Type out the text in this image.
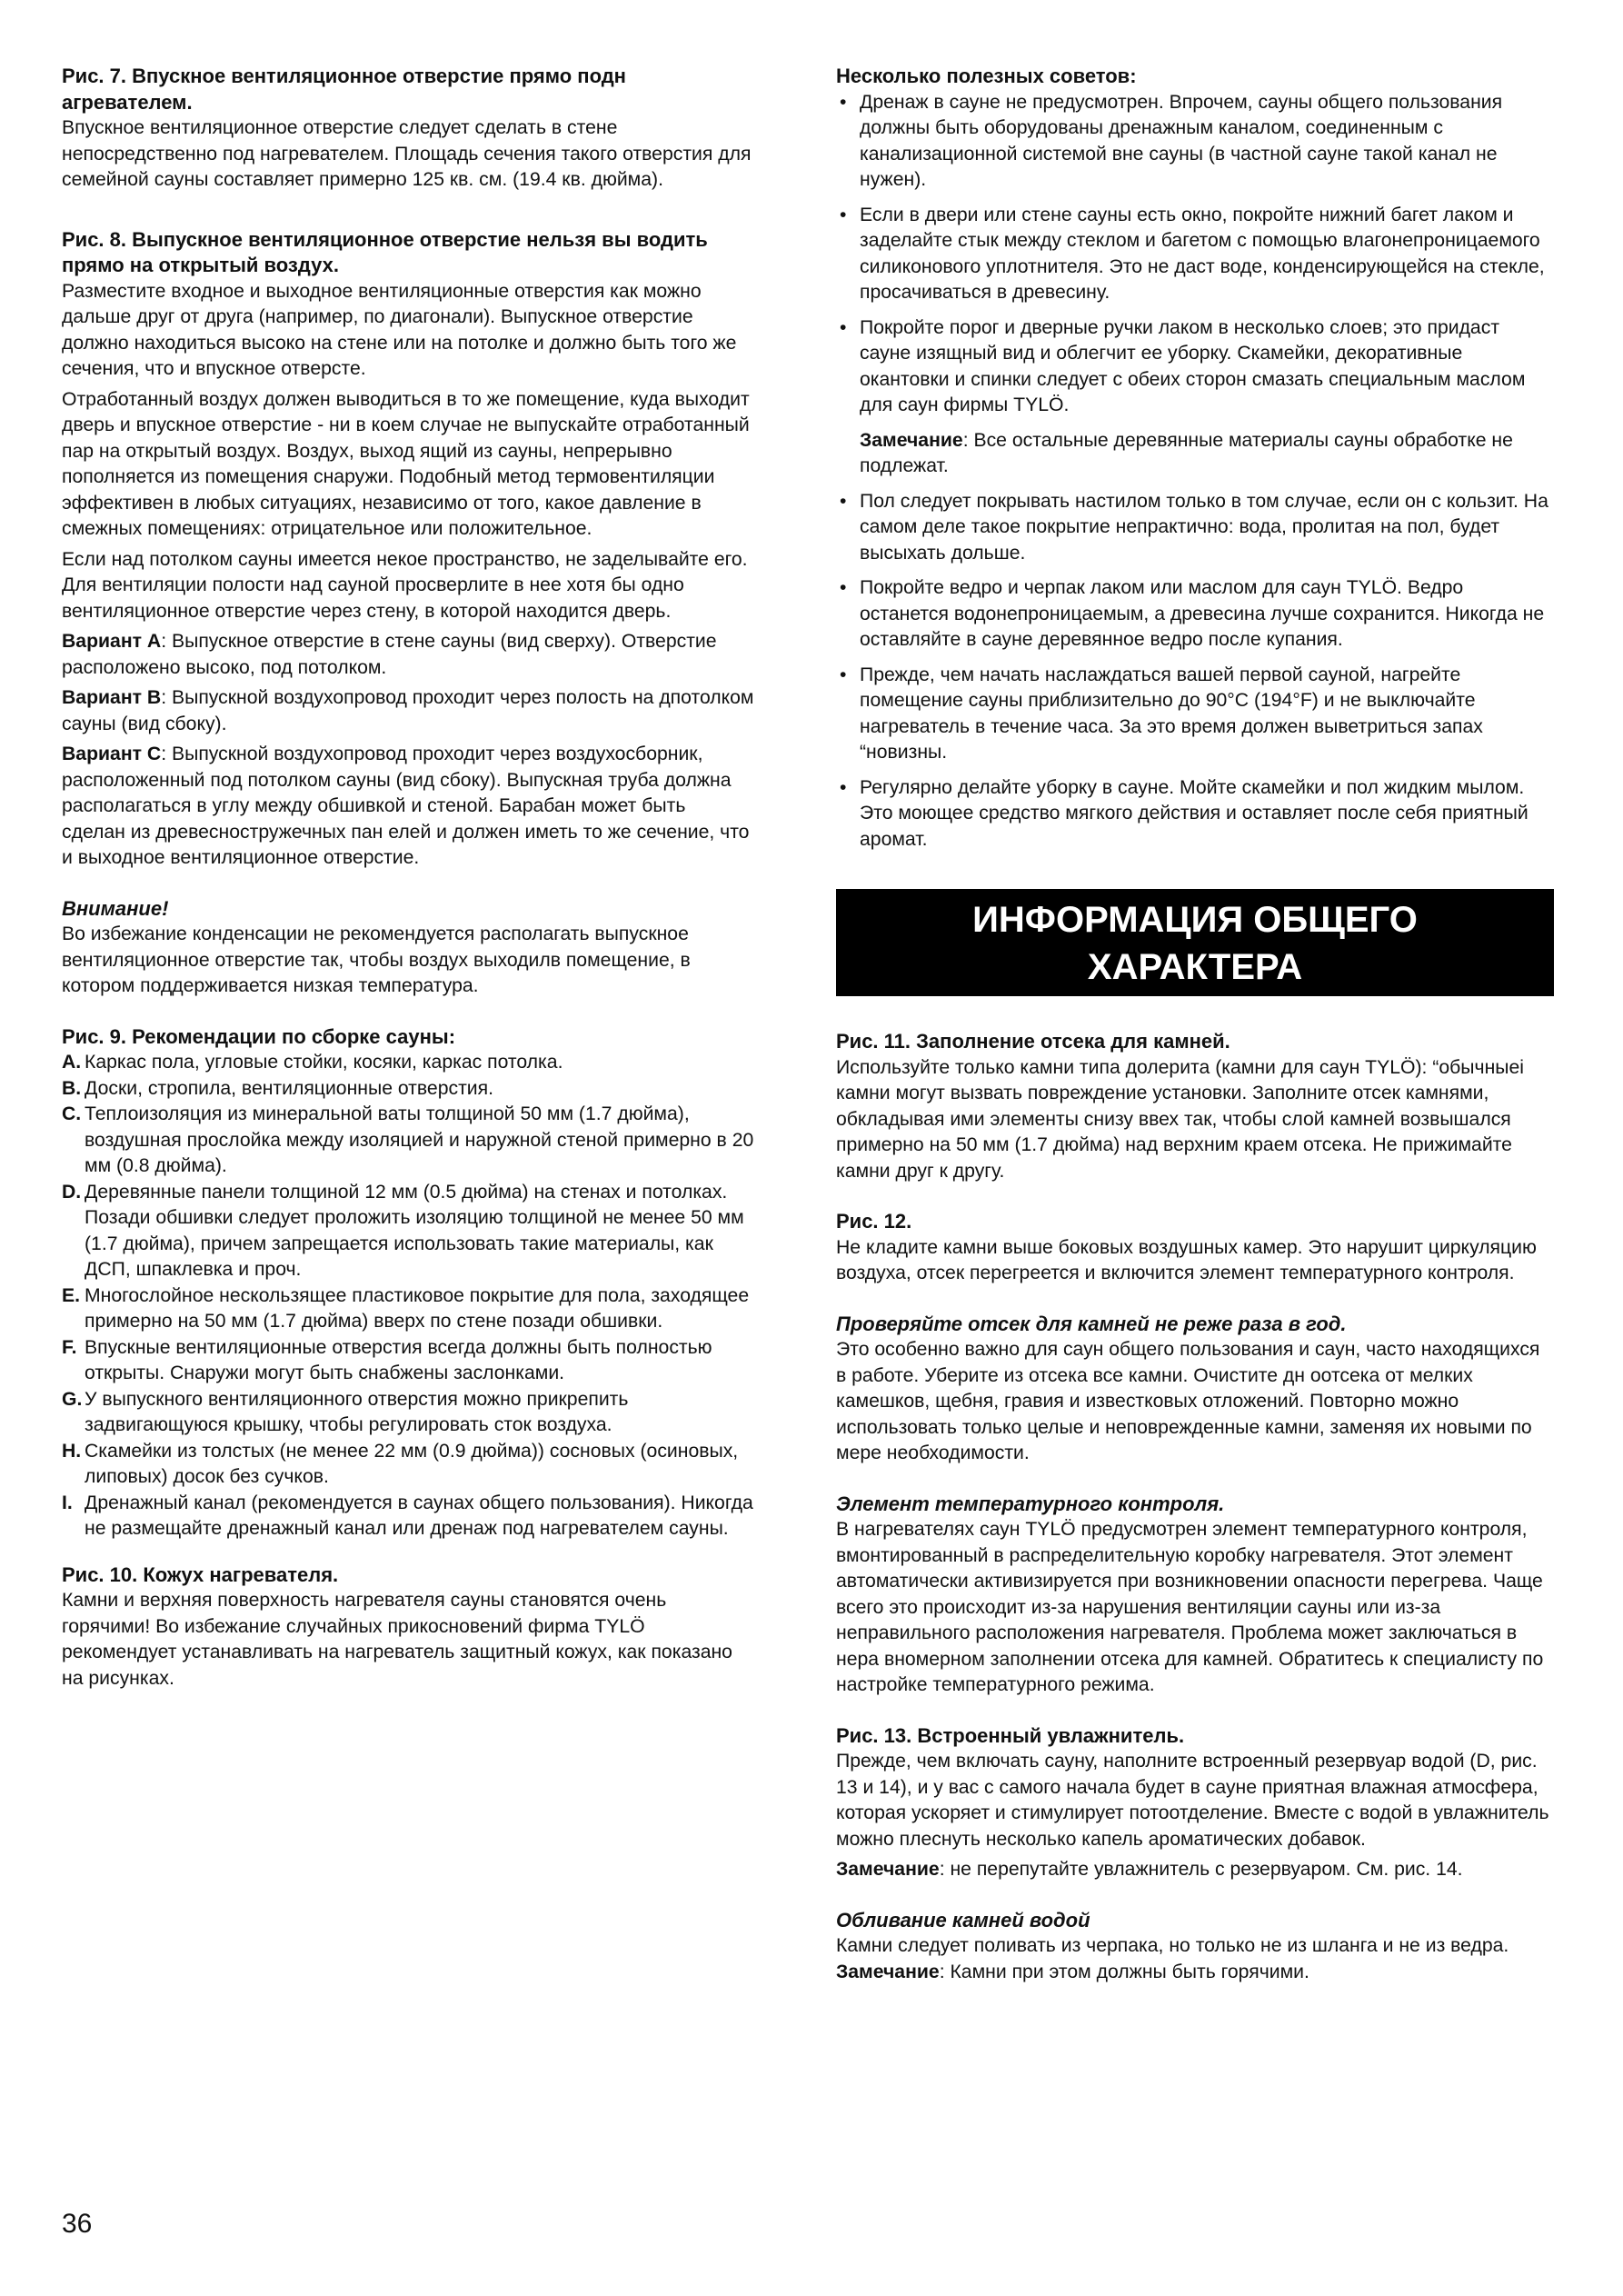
Рис. 7. Впускное вентиляционное отверстие прямо подн агревателем.

Впускное вентиляционное отверстие следует сделать в стене непосредственно под нагревателем. Площадь сечения такого отверстия для семейной сауны составляет примерно 125 кв. см. (19.4 кв. дюйма).

Рис. 8. Выпускное вентиляционное отверстие нельзя вы водить прямо на открытый воздух.

Разместите входное и выходное вентиляционные отверстия как можно дальше друг от друга (например, по диагонали). Выпускное отверстие должно находиться высоко на стене или на потолке и должно быть того же сечения, что и впускное отверсте.

Отработанный воздух должен выводиться в то же помещение, куда выходит дверь и впускное отверстие - ни в коем случае не выпускайте отработанный пар на открытый воздух. Воздух, выход ящий из сауны, непрерывно пополняется из помещения снаружи. Подобный метод термовентиляции эффективен в любых ситуациях, независимо от того, какое давление в смежных помещениях: отрицательное или положительное.

Если над потолком сауны имеется некое пространство, не заделывайте его. Для вентиляции полости над сауной просверлите в нее хотя бы одно вентиляционное отверстие через стену, в которой находится дверь.

Вариант A: Выпускное отверстие в стене сауны (вид сверху). Отверстие расположено высоко, под потолком.

Вариант B: Выпускной воздухопровод проходит через полость на дпотолком сауны (вид сбоку).

Вариант C: Выпускной воздухопровод проходит через воздухосборник, расположенный под потолком сауны (вид сбоку). Выпускная труба должна располагаться в углу между обшивкой и стеной. Барабан может быть сделан из древесностружечных пан елей и должен иметь то же сечение, что и выходное вентиляционное отверстие.

Внимание!

Во избежание конденсации не рекомендуется располагать выпускное вентиляционное отверстие так, чтобы воздух выходилв помещение, в котором поддерживается низкая температура.

Рис. 9. Рекомендации по сборке сауны:

A. Каркас пола, угловые стойки, косяки, каркас потолка.
B. Доски, стропила, вентиляционные отверстия.
C. Теплоизоляция из минеральной ваты толщиной 50 мм (1.7 дюйма), воздушная прослойка между изоляцией и наружной стеной примерно в 20 мм (0.8 дюйма).
D. Деревянные панели толщиной 12 мм (0.5 дюйма) на стенах и потолках. Позади обшивки следует проложить изоляцию толщиной не менее 50 мм (1.7 дюйма), причем запрещается использовать такие материалы, как ДСП, шпаклевка и проч.
E. Многослойное нескользящее пластиковое покрытие для пола, заходящее примерно на 50 мм (1.7 дюйма) вверх по стене позади обшивки.
F. Впускные вентиляционные отверстия всегда должны быть полностью открыты. Снаружи могут быть снабжены заслонками.
G. У выпускного вентиляционного отверстия можно прикрепить задвигающуюся крышку, чтобы регулировать сток воздуха.
H. Скамейки из толстых (не менее 22 мм (0.9 дюйма)) сосновых (осиновых, липовых) досок без сучков.
I. Дренажный канал (рекомендуется в саунах общего пользования). Никогда не размещайте дренажный канал или дренаж под нагревателем сауны.

Рис. 10. Кожух нагревателя.

Камни и верхняя поверхность нагревателя сауны становятся очень горячими! Во избежание случайных прикосновений фирма TYLÖ рекомендует устанавливать на нагреватель защитный кожух, как показано на рисунках.

Несколько полезных советов:

• Дренаж в сауне не предусмотрен. Впрочем, сауны общего пользования должны быть оборудованы дренажным каналом, соединенным с канализационной системой вне сауны (в частной сауне такой канал не нужен).
• Если в двери или стене сауны есть окно, покройте нижний багет лаком и заделайте стык между стеклом и багетом с помощью влагонепроницаемого силиконового уплотнителя. Это не даст воде, конденсирующейся на стекле, просачиваться в древесину.
• Покройте порог и дверные ручки лаком в несколько слоев; это придаст сауне изящный вид и облегчит ее уборку. Скамейки, декоративные окантовки и спинки следует с обеих сторон смазать специальным маслом для саун фирмы TYLÖ.

Замечание: Все остальные деревянные материалы сауны обработке не подлежат.

• Пол следует покрывать настилом только в том случае, если он с кользит. На самом деле такое покрытие непрактично: вода, пролитая на пол, будет высыхать дольше.
• Покройте ведро и черпак лаком или маслом для саун TYLÖ. Ведро останется водонепроницаемым, а древесина лучше сохранится. Никогда не оставляйте в сауне деревянное ведро после купания.
• Прежде, чем начать наслаждаться вашей первой сауной, нагрейте помещение сауны приблизительно до 90°C (194°F) и не выключайте нагреватель в течение часа. За это время должен выветриться запах “новизны.
• Регулярно делайте уборку в сауне. Мойте скамейки и пол жидким мылом. Это моющее средство мягкого действия и оставляет после себя приятный аромат.
ИНФОРМАЦИЯ ОБЩЕГО
ХАРАКТЕРА

Рис. 11. Заполнение отсека для камней.

Используйте только камни типа долерита (камни для саун TYLÖ): “обычныеі камни могут вызвать повреждение установки. Заполните отсек камнями, обкладывая ими элементы снизу ввех так, чтобы слой камней возвышался примерно на 50 мм (1.7 дюйма) над верхним краем отсека. Не прижимайте камни друг к другу.

Рис. 12.

Не кладите камни выше боковых воздушных камер. Это нарушит циркуляцию воздуха, отсек перегреется и включится элемент температурного контроля.

Проверяйте отсек для камней не реже раза в год.

Это особенно важно для саун общего пользования и саун, часто находящихся в работе. Уберите из отсека все камни. Очистите дн оотсека от мелких камешков, щебня, гравия и известковых отложений. Повторно можно использовать только целые и неповрежденные камни, заменяя их новыми по мере необходимости.

Элемент температурного контроля.

В нагревателях саун TYLÖ предусмотрен элемент температурного контроля, вмонтированный в распределительную коробку нагревателя. Этот элемент автоматически активизируется при возникновении опасности перегрева. Чаще всего это происходит из-за нарушения вентиляции сауны или из-за неправильного расположения нагревателя. Проблема может заключаться в нера вномерном заполнении отсека для камней. Обратитесь к специалисту по настройке температурного режима.

Рис. 13. Встроенный увлажнитель.

Прежде, чем включать сауну, наполните встроенный резервуар водой (D, рис. 13 и 14), и у вас с самого начала будет в сауне приятная влажная атмосфера, которая ускоряет и стимулирует потоотделение. Вместе с водой в увлажнитель можно плеснуть несколько капель ароматических добавок.

Замечание: не перепутайте увлажнитель с резервуаром. См. рис. 14.

Обливание камней водой

Камни следует поливать из черпака, но только не из шланга и не из ведра. Замечание: Камни при этом должны быть горячими.

36
